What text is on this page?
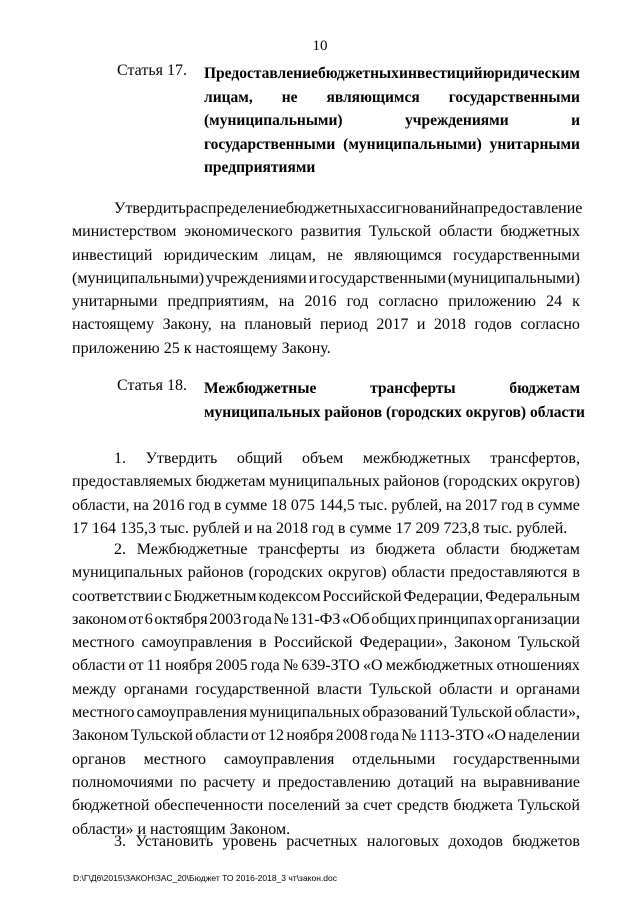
10
Статья 17. Предоставление бюджетных инвестиций юридическим
лицам, не являющимся государственными
(муниципальными)	учреждениями	и
государственными (муниципальными) унитарными
предприятиями
Утвердить распределение бюджетных ассигнований на предоставление
министерством экономического развития Тульской области бюджетных
инвестиций юридическим лицам, не являющимся государственными
(муниципальными) учреждениями и государственными (муниципальными)
унитарными предприятиям, на 2016 год согласно приложению 24 к
настоящему Закону, на плановый период 2017 и 2018 годов согласно
приложению 25 к настоящему Закону.
Статья 18. Межбюджетные	трансферты	бюджетам
муниципальных районов (городских округов) области
1. Утвердить общий объем межбюджетных трансфертов,
предоставляемых бюджетам муниципальных районов (городских округов)
области, на 2016 год в сумме 18 075 144,5 тыс. рублей, на 2017 год в сумме
17 164 135,3 тыс. рублей и на 2018 год в сумме 17 209 723,8 тыс. рублей.
2. Межбюджетные трансферты из бюджета области бюджетам
муниципальных районов (городских округов) области предоставляются в
соответствии с Бюджетным кодексом Российской Федерации, Федеральным
законом от 6 октября 2003 года № 131-ФЗ «Об общих принципах организации
местного самоуправления в Российской Федерации», Законом Тульской
области от 11 ноября 2005 года № 639-ЗТО «О межбюджетных отношениях
между органами государственной власти Тульской области и органами
местного самоуправления муниципальных образований Тульской области»,
Законом Тульской области от 12 ноября 2008 года № 1113-ЗТО «О наделении
органов местного самоуправления отдельными государственными
полномочиями по расчету и предоставлению дотаций на выравнивание
бюджетной обеспеченности поселений за счет средств бюджета Тульской
области» и настоящим Законом.
3. Установить уровень расчетных налоговых доходов бюджетов
D:\Г\Д6\2015\ЗАКОН\ЗАС_20\Бюджет ТО 2016-2018_3 чт\закон.doc
